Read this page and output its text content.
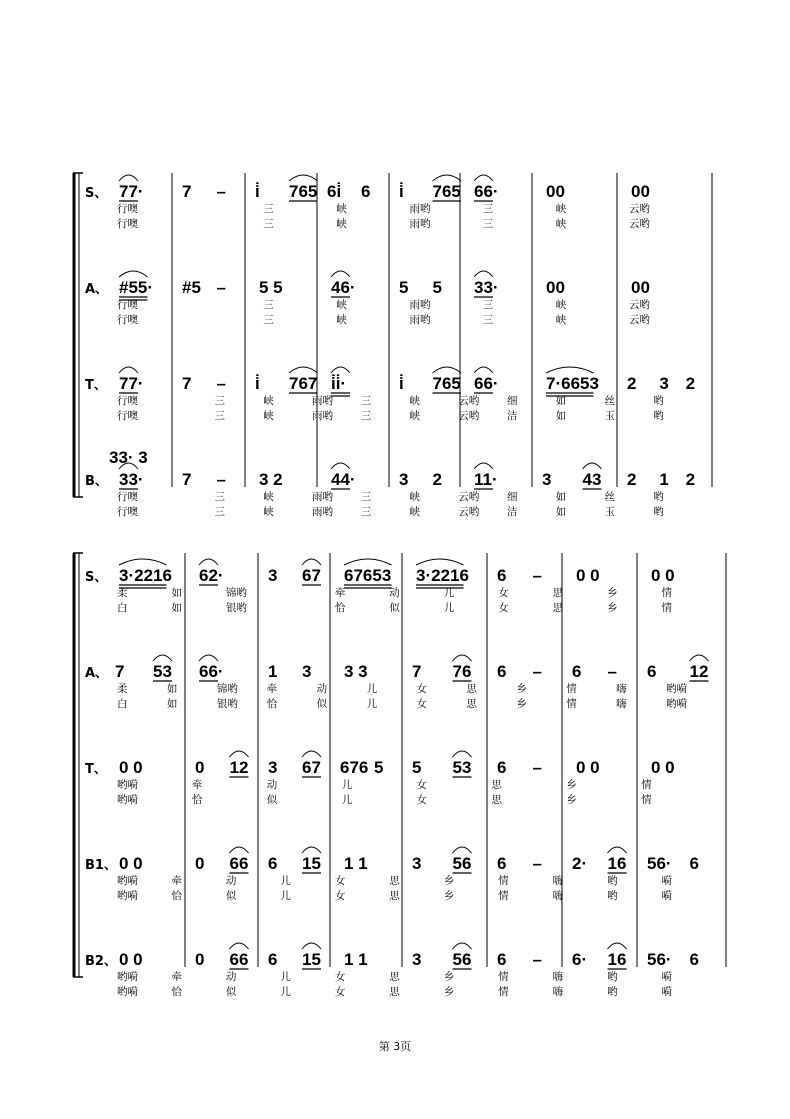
S、 77· 7 – i̇ 765 6i̇ 6 i̇ 765 66·	00	00
行噢	三	峡	雨哟	三	峡	云哟
行噢	三	峡	雨哟	三	峡	云哟
A、 #55· #5 – 5 5	46·	5 5 33·	00	00
行噢	三	峡	雨哟	三	峡	云哟
行噢	三	峡	雨哟	三	峡	云哟
T、 77· 7 – i̇ 767 i̇i̇·	i̇ 765 66·	7·6653 2 3 2
行噢	三	峡	雨哟	三	峡	云哟	细	如	丝	哟
行噢	三	峡	雨哟	三	峡	云哟	洁	如	玉	哟
B、
33· 3
33· 7 – 3 2	44·	3 2 11·	3 43 2 1 2
行噢	三	峡	雨哟	三	峡	云哟	细	如	丝	哟
行噢	三	峡	雨哟	三	峡	云哟	洁	如	玉	哟
S、 3·2216 62·	3 67 67653 3·2216 6 – 0 0	0 0
柔	如	锦哟	牵	动	儿	女	思	乡	情
白	如	银哟	恰	似	儿	女	思	乡	情
A、 7 53 66·	1 3 3 3	7 76 6 – 6 – 6 12
柔	如	锦哟	牵	动	儿	女	思	乡	情	嗨	哟嗬
白	如	银哟	恰	似	儿	女	思	乡	情	嗨	哟嗬
T、 0 0	0 12 3 67 676 5 5 53 6 – 0 0	0 0
哟嗬	牵	动	儿	女	思	乡	情
哟嗬	恰	似	儿	女	思	乡	情
B1、 0 0	0 66 6 15 1 1	3 56 6 – 2· 16 56· 6
哟嗬	牵	动	儿	女	思	乡	情	嗨	哟	嗬
哟嗬	恰	似	儿	女	思	乡	情	嗨	哟	嗬
B2、 0 0	0 66 6 15 1 1	3 56 6 – 6· 16 56· 6
哟嗬	牵	动	儿	女	思	乡	情	嗨	哟	嗬
哟嗬	恰	似	儿	女	思	乡	情	嗨	哟	嗬
第 3页
